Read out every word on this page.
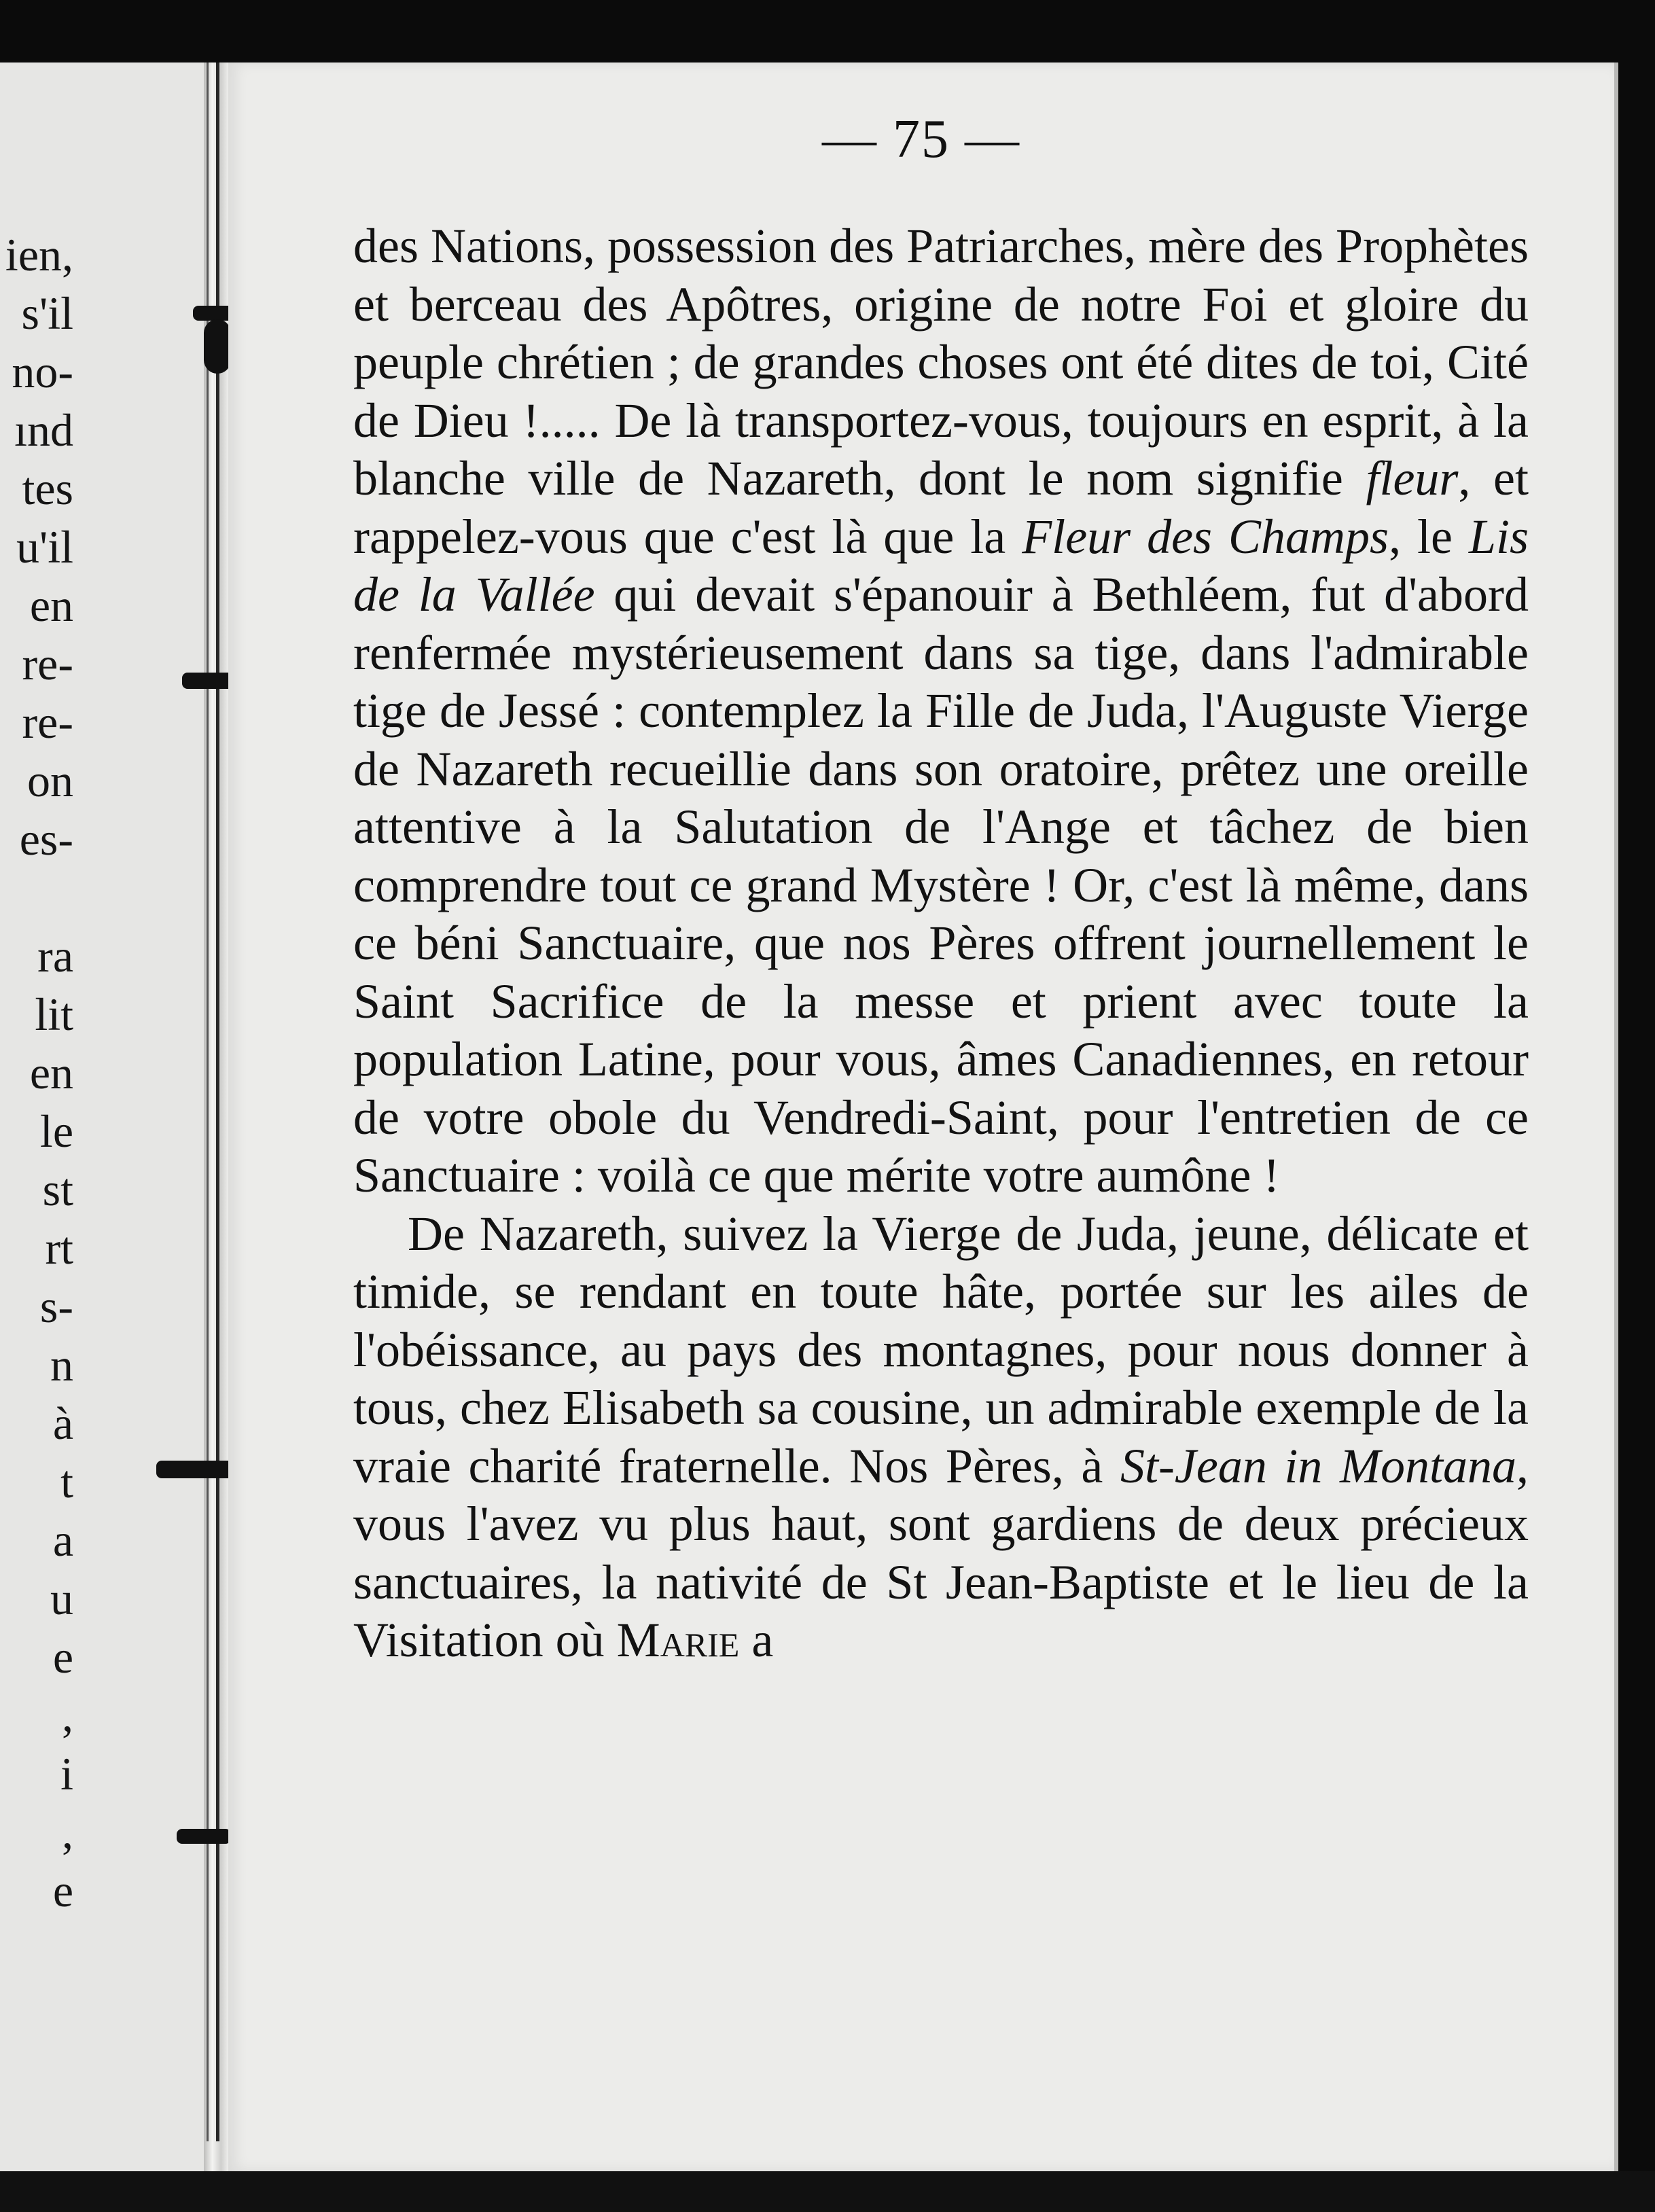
ien,
s'il
no-
ınd
tes
u'il
en
re-
re-
on
es-
ra
lit
en
le
st
rt
s-
n
à
t
a
u
e
,
i
,
e
— 75 —

des Nations, possession des Patriarches, mère des Prophètes et berceau des Apôtres, origine de notre Foi et gloire du peuple chrétien ; de grandes choses ont été dites de toi, Cité de Dieu !..... De là transportez-vous, toujours en esprit, à la blanche ville de Nazareth, dont le nom signifie fleur, et rappelez-vous que c'est là que la Fleur des Champs, le Lis de la Vallée qui devait s'épanouir à Bethléem, fut d'abord renfermée mystérieusement dans sa tige, dans l'admirable tige de Jessé : contemplez la Fille de Juda, l'Auguste Vierge de Nazareth recueillie dans son oratoire, prêtez une oreille attentive à la Salutation de l'Ange et tâchez de bien comprendre tout ce grand Mystère ! Or, c'est là même, dans ce béni Sanctuaire, que nos Pères offrent journellement le Saint Sacrifice de la messe et prient avec toute la population Latine, pour vous, âmes Canadiennes, en retour de votre obole du Vendredi-Saint, pour l'entretien de ce Sanctuaire : voilà ce que mérite votre aumône !

De Nazareth, suivez la Vierge de Juda, jeune, délicate et timide, se rendant en toute hâte, portée sur les ailes de l'obéissance, au pays des montagnes, pour nous donner à tous, chez Elisabeth sa cousine, un admirable exemple de la vraie charité fraternelle. Nos Pères, à St-Jean in Montana, vous l'avez vu plus haut, sont gardiens de deux précieux sanctuaires, la nativité de St Jean-Baptiste et le lieu de la Visitation où Marie a
